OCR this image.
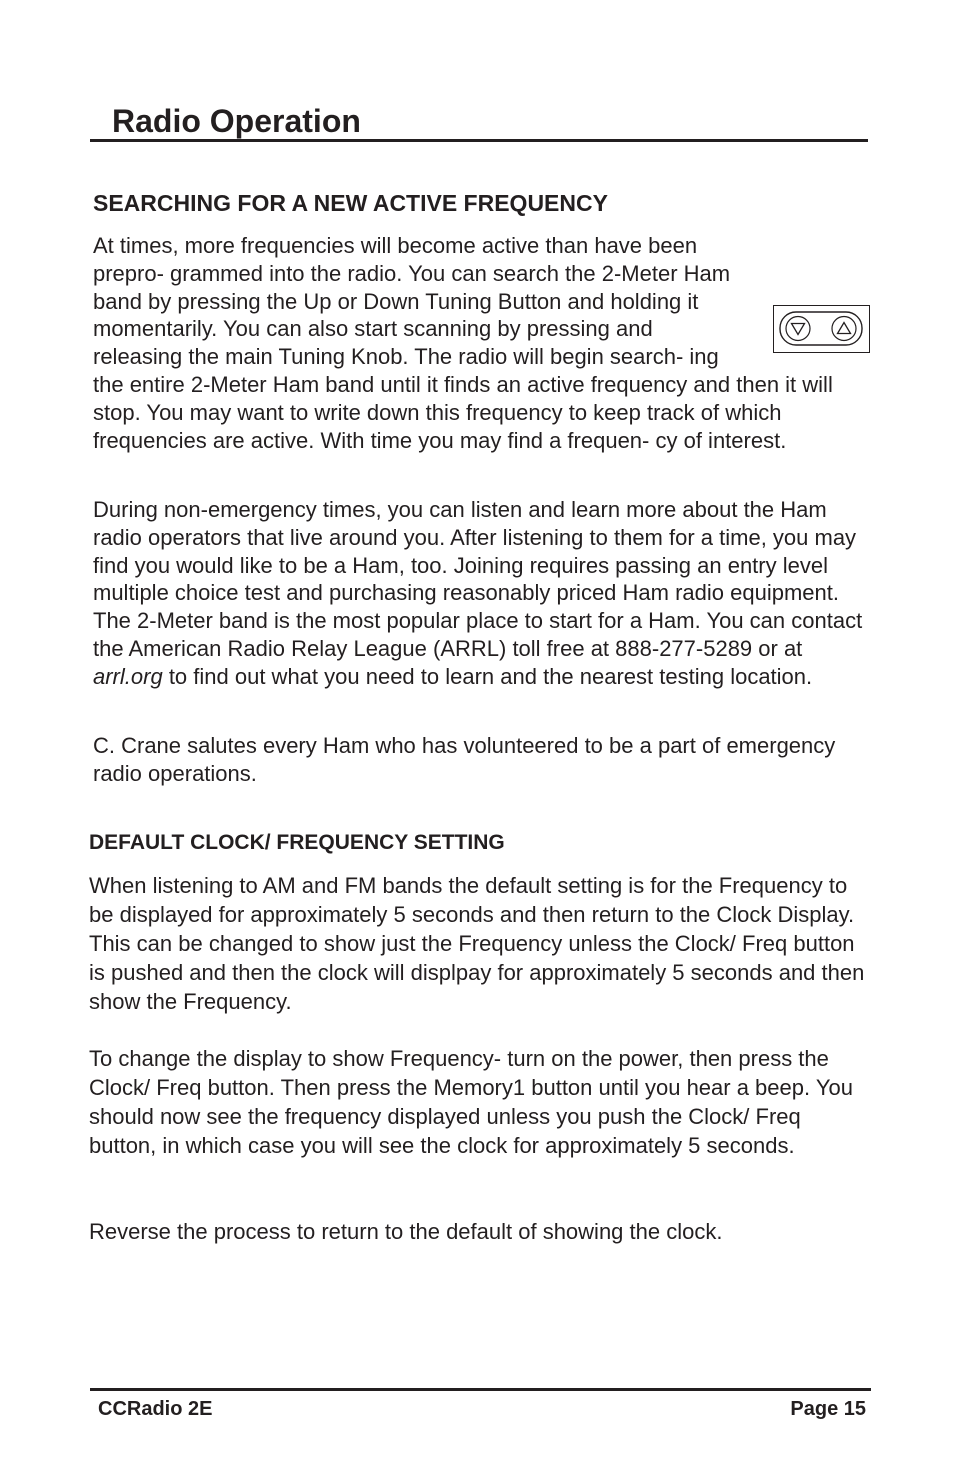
Radio Operation
SEARCHING FOR A NEW ACTIVE FREQUENCY

At times, more frequencies will become active than have been prepro- grammed into the radio. You can search the 2-Meter Ham band by pressing the Up or Down Tuning Button and holding it momentarily. You can also start scanning by pressing and releasing the main Tuning Knob. The radio will begin search- ing the entire 2-Meter Ham band until it finds an active frequency and then it will stop. You may want to write down this frequency to keep track of which frequencies are active. With time you may find a frequen- cy of interest.

During non-emergency times, you can listen and learn more about the Ham radio operators that live around you. After listening to them for a time, you may find you would like to be a Ham, too. Joining requires passing an entry level multiple choice test and purchasing reasonably priced Ham radio equipment. The 2-Meter band is the most popular place to start for a Ham. You can contact the American Radio Relay League (ARRL) toll free at 888-277-5289 or at arrl.org to find out what you need to learn and the nearest testing location.

C. Crane salutes every Ham who has volunteered to be a part of emergency radio operations.

DEFAULT CLOCK/ FREQUENCY SETTING

When listening to AM and FM bands the default setting is for the Frequency to be displayed for approximately 5 seconds and then return to the Clock Display. This can be changed to show just the Frequency unless the Clock/ Freq button is pushed and then the clock will displpay for approximately 5 seconds and then show the Frequency.

To change the display to show Frequency- turn on the power, then press the Clock/ Freq button. Then press the Memory1 button until you hear a beep. You should now see the frequency displayed unless you push the Clock/ Freq button, in which case you will see the clock for approximately 5 seconds.

Reverse the process to return to the default of showing the clock.

CCRadio 2E	Page 15
